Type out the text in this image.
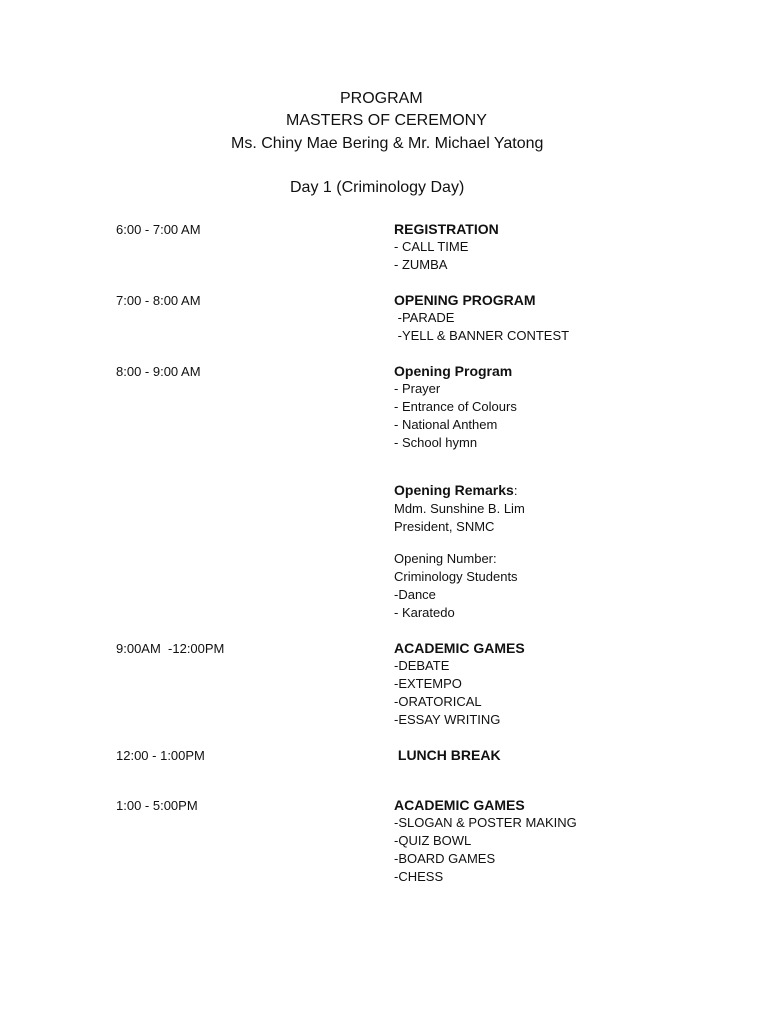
PROGRAM
MASTERS OF CEREMONY
Ms. Chiny Mae Bering & Mr. Michael Yatong
Day 1 (Criminology Day)
6:00 - 7:00 AM	REGISTRATION
- CALL TIME
- ZUMBA
7:00 - 8:00 AM	OPENING PROGRAM
-PARADE
-YELL & BANNER CONTEST
8:00 - 9:00 AM	Opening Program
- Prayer
- Entrance of Colours
- National Anthem
- School hymn
Opening Remarks:
Mdm. Sunshine B. Lim
President, SNMC
Opening Number:
Criminology Students
-Dance
- Karatedo
9:00AM  -12:00PM	ACADEMIC GAMES
-DEBATE
-EXTEMPO
-ORATORICAL
-ESSAY WRITING
12:00 - 1:00PM	LUNCH BREAK
1:00 - 5:00PM	ACADEMIC GAMES
-SLOGAN & POSTER MAKING
-QUIZ BOWL
-BOARD GAMES
-CHESS
